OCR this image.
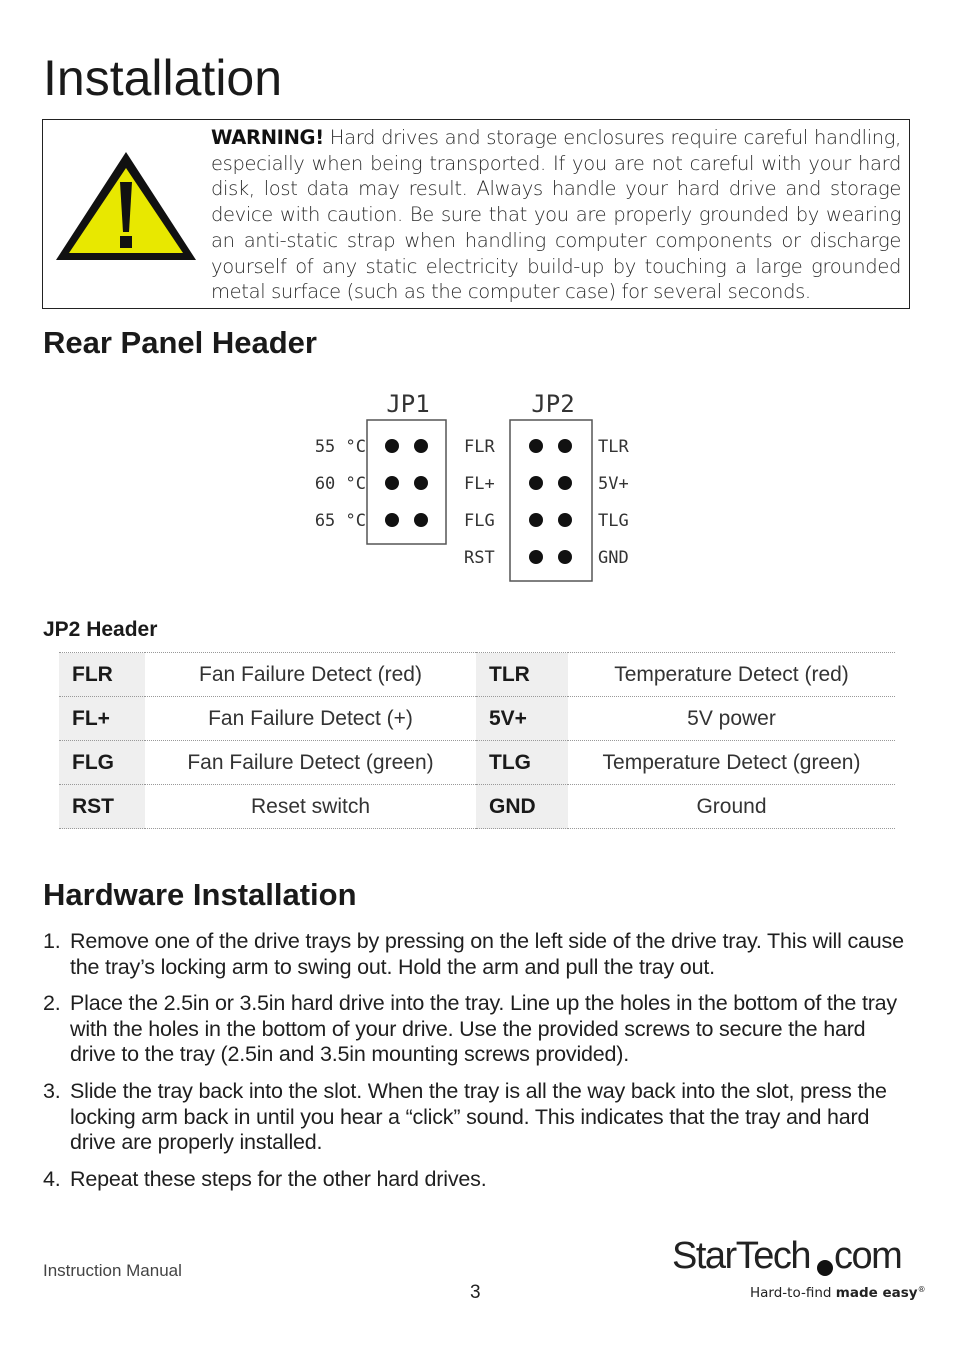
Installation
WARNING! Hard drives and storage enclosures require careful handling, especially when being transported. If you are not careful with your hard disk, lost data may result. Always handle your hard drive and storage device with caution. Be sure that you are properly grounded by wearing an anti-static strap when handling computer components or discharge yourself of any static electricity build-up by touching a large grounded metal surface (such as the computer case) for several seconds.
Rear Panel Header
JP1	JP2
55 °C
60 °C
65 °C
FLR	TLR
FL+	5V+
FLG	TLG
RST	GND
JP2 Header
FLR	Fan Failure Detect (red)	TLR	Temperature Detect (red)
FL+	Fan Failure Detect (+)	5V+	5V power
FLG	Fan Failure Detect (green)	TLG	Temperature Detect (green)
RST	Reset switch	GND	Ground
Hardware Installation
1. Remove one of the drive trays by pressing on the left side of the drive tray. This will cause the tray’s locking arm to swing out. Hold the arm and pull the tray out.
2. Place the 2.5in or 3.5in hard drive into the tray. Line up the holes in the bottom of the tray with the holes in the bottom of your drive. Use the provided screws to secure the hard drive to the tray (2.5in and 3.5in mounting screws provided).
3. Slide the tray back into the slot. When the tray is all the way back into the slot, press the locking arm back in until you hear a “click” sound. This indicates that the tray and hard drive are properly installed.
4. Repeat these steps for the other hard drives.
Instruction Manual
3
StarTech com
Hard-to-find made easy®
